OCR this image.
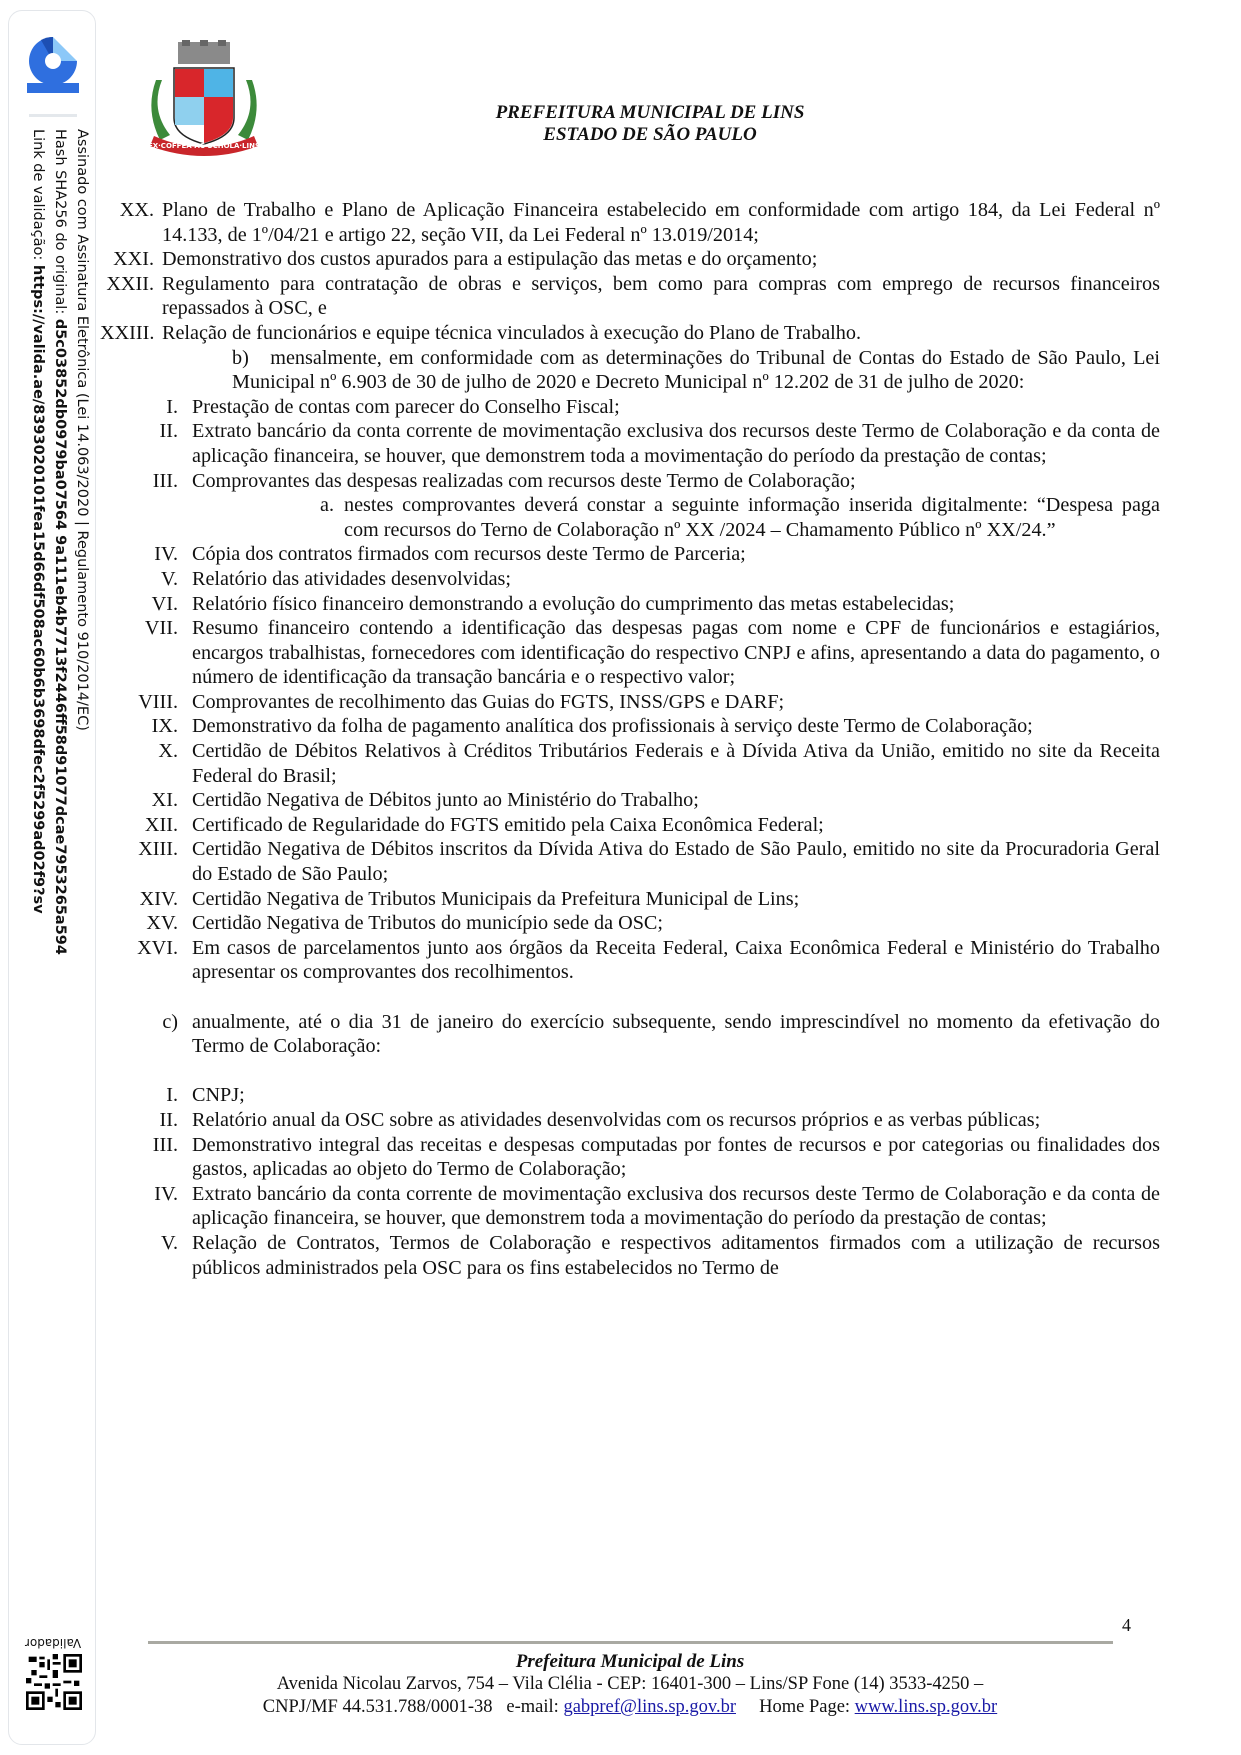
Assinado com Assinatura Eletrônica (Lei 14.063/2020 | Regulamento 910/2014/EC)
Hash SHA256 do original: d5c03852db0979ba07564 9a111eb4b7713f2446ff58d91077dcae7953265a594
Link de validação: https://valida.ae/8393020101fea15d66df508ac60b6b3698dfec2f5299ad02f9?sv
Validador
EX·COFFEA·AC·SCHOLA·LINS
PREFEITURA MUNICIPAL DE LINS
ESTADO DE SÃO PAULO
XX. Plano de Trabalho e Plano de Aplicação Financeira estabelecido em conformidade com artigo 184, da Lei Federal nº 14.133, de 1º/04/21 e artigo 22, seção VII, da Lei Federal nº 13.019/2014;
XXI. Demonstrativo dos custos apurados para a estipulação das metas e do orçamento;
XXII. Regulamento para contratação de obras e serviços, bem como para compras com emprego de recursos financeiros repassados à OSC, e
XXIII. Relação de funcionários e equipe técnica vinculados à execução do Plano de Trabalho.
b) mensalmente, em conformidade com as determinações do Tribunal de Contas do Estado de São Paulo, Lei Municipal nº 6.903 de 30 de julho de 2020 e Decreto Municipal nº 12.202 de 31 de julho de 2020:
I. Prestação de contas com parecer do Conselho Fiscal;
II. Extrato bancário da conta corrente de movimentação exclusiva dos recursos deste Termo de Colaboração e da conta de aplicação financeira, se houver, que demonstrem toda a movimentação do período da prestação de contas;
III. Comprovantes das despesas realizadas com recursos deste Termo de Colaboração;
a. nestes comprovantes deverá constar a seguinte informação inserida digitalmente: “Despesa paga com recursos do Terno de Colaboração nº XX /2024 – Chamamento Público nº XX/24.”
IV. Cópia dos contratos firmados com recursos deste Termo de Parceria;
V. Relatório das atividades desenvolvidas;
VI. Relatório físico financeiro demonstrando a evolução do cumprimento das metas estabelecidas;
VII. Resumo financeiro contendo a identificação das despesas pagas com nome e CPF de funcionários e estagiários, encargos trabalhistas, fornecedores com identificação do respectivo CNPJ e afins, apresentando a data do pagamento, o número de identificação da transação bancária e o respectivo valor;
VIII. Comprovantes de recolhimento das Guias do FGTS, INSS/GPS e DARF;
IX. Demonstrativo da folha de pagamento analítica dos profissionais à serviço deste Termo de Colaboração;
X. Certidão de Débitos Relativos à Créditos Tributários Federais e à Dívida Ativa da União, emitido no site da Receita Federal do Brasil;
XI. Certidão Negativa de Débitos junto ao Ministério do Trabalho;
XII. Certificado de Regularidade do FGTS emitido pela Caixa Econômica Federal;
XIII. Certidão Negativa de Débitos inscritos da Dívida Ativa do Estado de São Paulo, emitido no site da Procuradoria Geral do Estado de São Paulo;
XIV. Certidão Negativa de Tributos Municipais da Prefeitura Municipal de Lins;
XV. Certidão Negativa de Tributos do município sede da OSC;
XVI. Em casos de parcelamentos junto aos órgãos da Receita Federal, Caixa Econômica Federal e Ministério do Trabalho apresentar os comprovantes dos recolhimentos.
c) anualmente, até o dia 31 de janeiro do exercício subsequente, sendo imprescindível no momento da efetivação do Termo de Colaboração:
I. CNPJ;
II. Relatório anual da OSC sobre as atividades desenvolvidas com os recursos próprios e as verbas públicas;
III. Demonstrativo integral das receitas e despesas computadas por fontes de recursos e por categorias ou finalidades dos gastos, aplicadas ao objeto do Termo de Colaboração;
IV. Extrato bancário da conta corrente de movimentação exclusiva dos recursos deste Termo de Colaboração e da conta de aplicação financeira, se houver, que demonstrem toda a movimentação do período da prestação de contas;
V. Relação de Contratos, Termos de Colaboração e respectivos aditamentos firmados com a utilização de recursos públicos administrados pela OSC para os fins estabelecidos no Termo de
4
Prefeitura Municipal de Lins
Avenida Nicolau Zarvos, 754 – Vila Clélia - CEP: 16401-300 – Lins/SP Fone (14) 3533-4250 –
CNPJ/MF 44.531.788/0001-38 e-mail: gabpref@lins.sp.gov.br Home Page: www.lins.sp.gov.br
